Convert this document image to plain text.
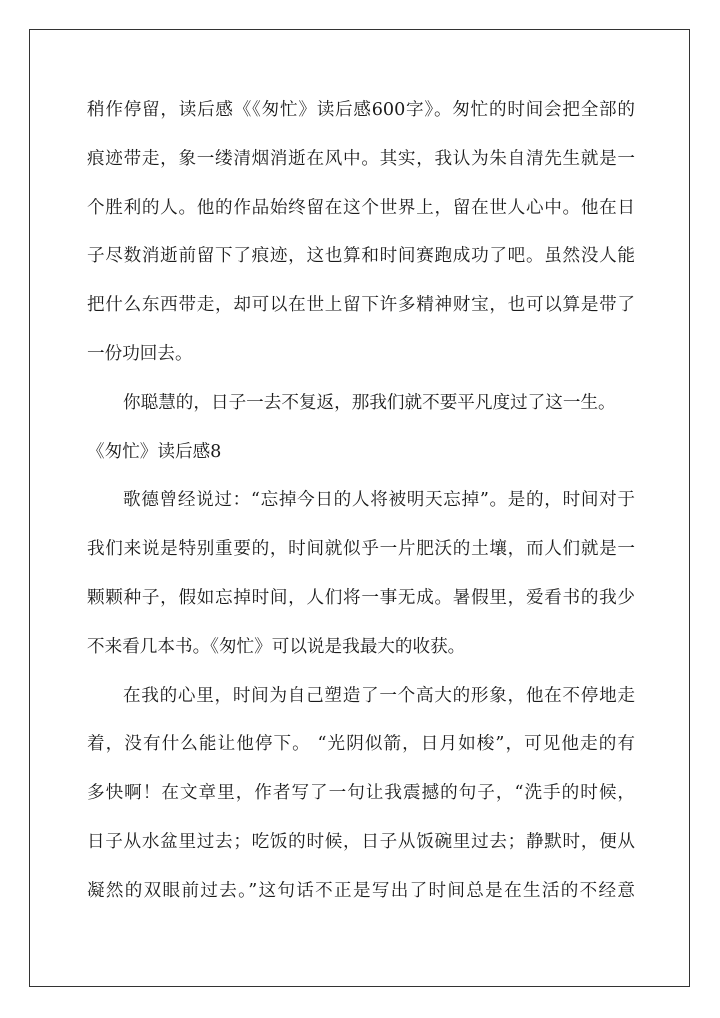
稍作停留，读后感《《匆忙》读后感600字》。匆忙的时间会把全部的
痕迹带走，象一缕清烟消逝在风中。其实，我认为朱自清先生就是一
个胜利的人。他的作品始终留在这个世界上，留在世人心中。他在日
子尽数消逝前留下了痕迹，这也算和时间赛跑成功了吧。虽然没人能
把什么东西带走，却可以在世上留下许多精神财宝，也可以算是带了
一份功回去。
你聪慧的，日子一去不复返，那我们就不要平凡度过了这一生。
《匆忙》读后感8
歌德曾经说过：“忘掉今日的人将被明天忘掉”。是的，时间对于
我们来说是特别重要的，时间就似乎一片肥沃的土壤，而人们就是一
颗颗种子，假如忘掉时间，人们将一事无成。暑假里，爱看书的我少
不来看几本书。《匆忙》可以说是我最大的收获。
在我的心里，时间为自己塑造了一个高大的形象，他在不停地走
着，没有什么能让他停下。 “光阴似箭，日月如梭”，可见他走的有
多快啊！在文章里，作者写了一句让我震撼的句子，“洗手的时候，
日子从水盆里过去；吃饭的时候，日子从饭碗里过去；静默时，便从
凝然的双眼前过去。”这句话不正是写出了时间总是在生活的不经意
